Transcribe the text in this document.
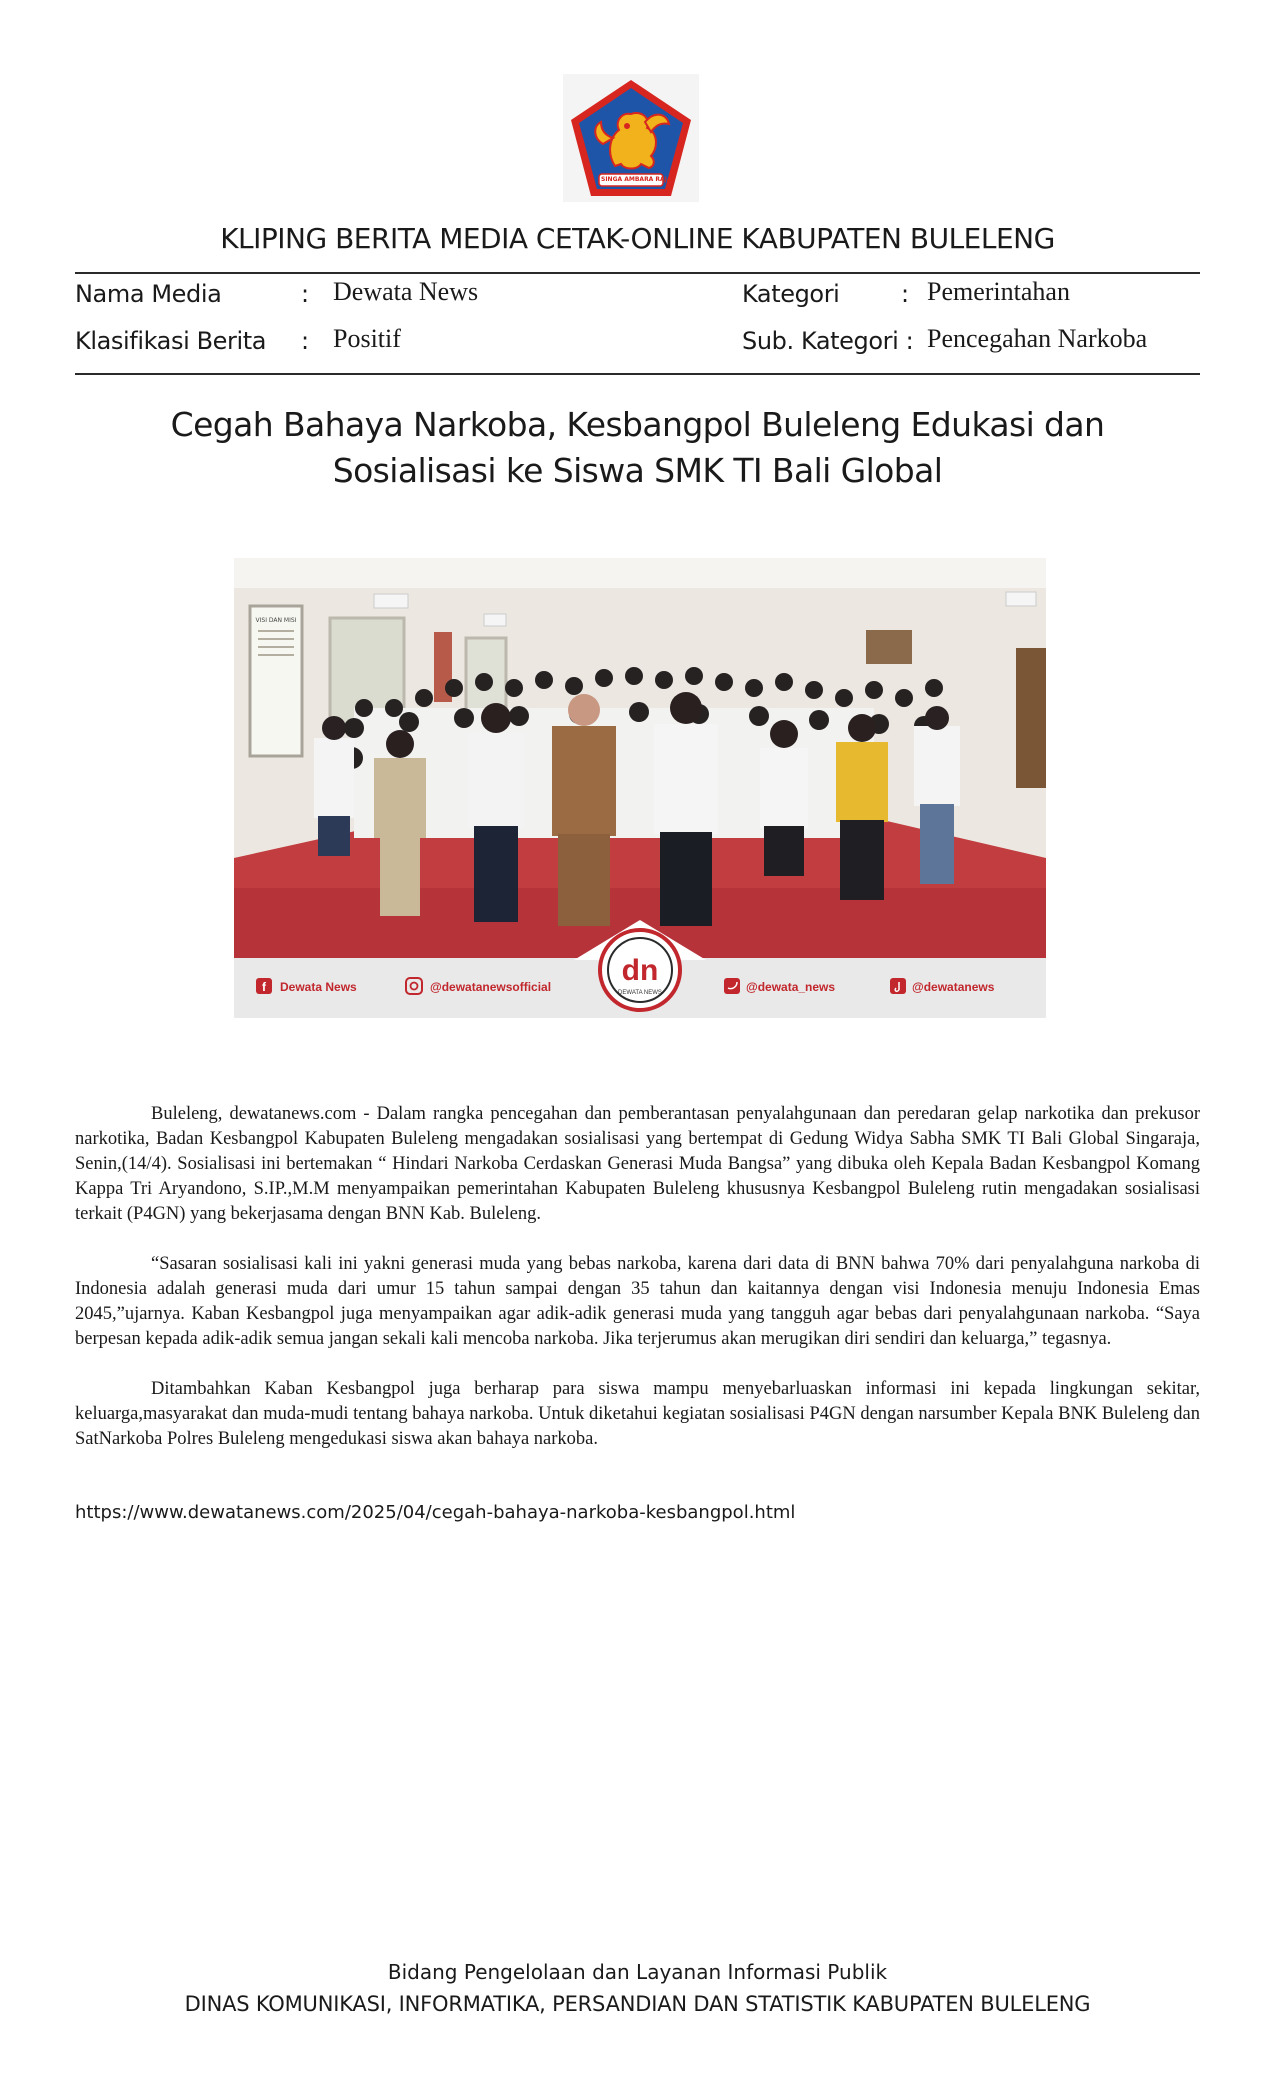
SINGA AMBARA RAJA
KLIPING BERITA MEDIA CETAK-ONLINE KABUPATEN BULELENG
Nama Media	: Dewata News	Kategori	: Pemerintahan
Klasifikasi Berita : Positif	Sub. Kategori : Pencegahan Narkoba
Cegah Bahaya Narkoba, Kesbangpol Buleleng Edukasi dan
Sosialisasi ke Siswa SMK TI Bali Global
VISI DAN MISI
dn
DEWATA NEWS
f Dewata News	@dewatanewsofficial	@dewata_news	@dewatanews

Buleleng, dewatanews.com - Dalam rangka pencegahan dan pemberantasan penyalahgunaan dan peredaran gelap narkotika dan prekusor narkotika, Badan Kesbangpol Kabupaten Buleleng mengadakan sosialisasi yang bertempat di Gedung Widya Sabha SMK TI Bali Global Singaraja, Senin,(14/4). Sosialisasi ini bertemakan “ Hindari Narkoba Cerdaskan Generasi Muda Bangsa” yang dibuka oleh Kepala Badan Kesbangpol Komang Kappa Tri Aryandono, S.IP.,M.M menyampaikan pemerintahan Kabupaten Buleleng khususnya Kesbangpol Buleleng rutin mengadakan sosialisasi terkait (P4GN) yang bekerjasama dengan BNN Kab. Buleleng.

“Sasaran sosialisasi kali ini yakni generasi muda yang bebas narkoba, karena dari data di BNN bahwa 70% dari penyalahguna narkoba di Indonesia adalah generasi muda dari umur 15 tahun sampai dengan 35 tahun dan kaitannya dengan visi Indonesia menuju Indonesia Emas 2045,”ujarnya. Kaban Kesbangpol juga menyampaikan agar adik-adik generasi muda yang tangguh agar bebas dari penyalahgunaan narkoba. “Saya berpesan kepada adik-adik semua jangan sekali kali mencoba narkoba. Jika terjerumus akan merugikan diri sendiri dan keluarga,” tegasnya.

Ditambahkan Kaban Kesbangpol juga berharap para siswa mampu menyebarluaskan informasi ini kepada lingkungan sekitar, keluarga,masyarakat dan muda-mudi tentang bahaya narkoba. Untuk diketahui kegiatan sosialisasi P4GN dengan narsumber Kepala BNK Buleleng dan SatNarkoba Polres Buleleng mengedukasi siswa akan bahaya narkoba.

https://www.dewatanews.com/2025/04/cegah-bahaya-narkoba-kesbangpol.html
Bidang Pengelolaan dan Layanan Informasi Publik
DINAS KOMUNIKASI, INFORMATIKA, PERSANDIAN DAN STATISTIK KABUPATEN BULELENG
